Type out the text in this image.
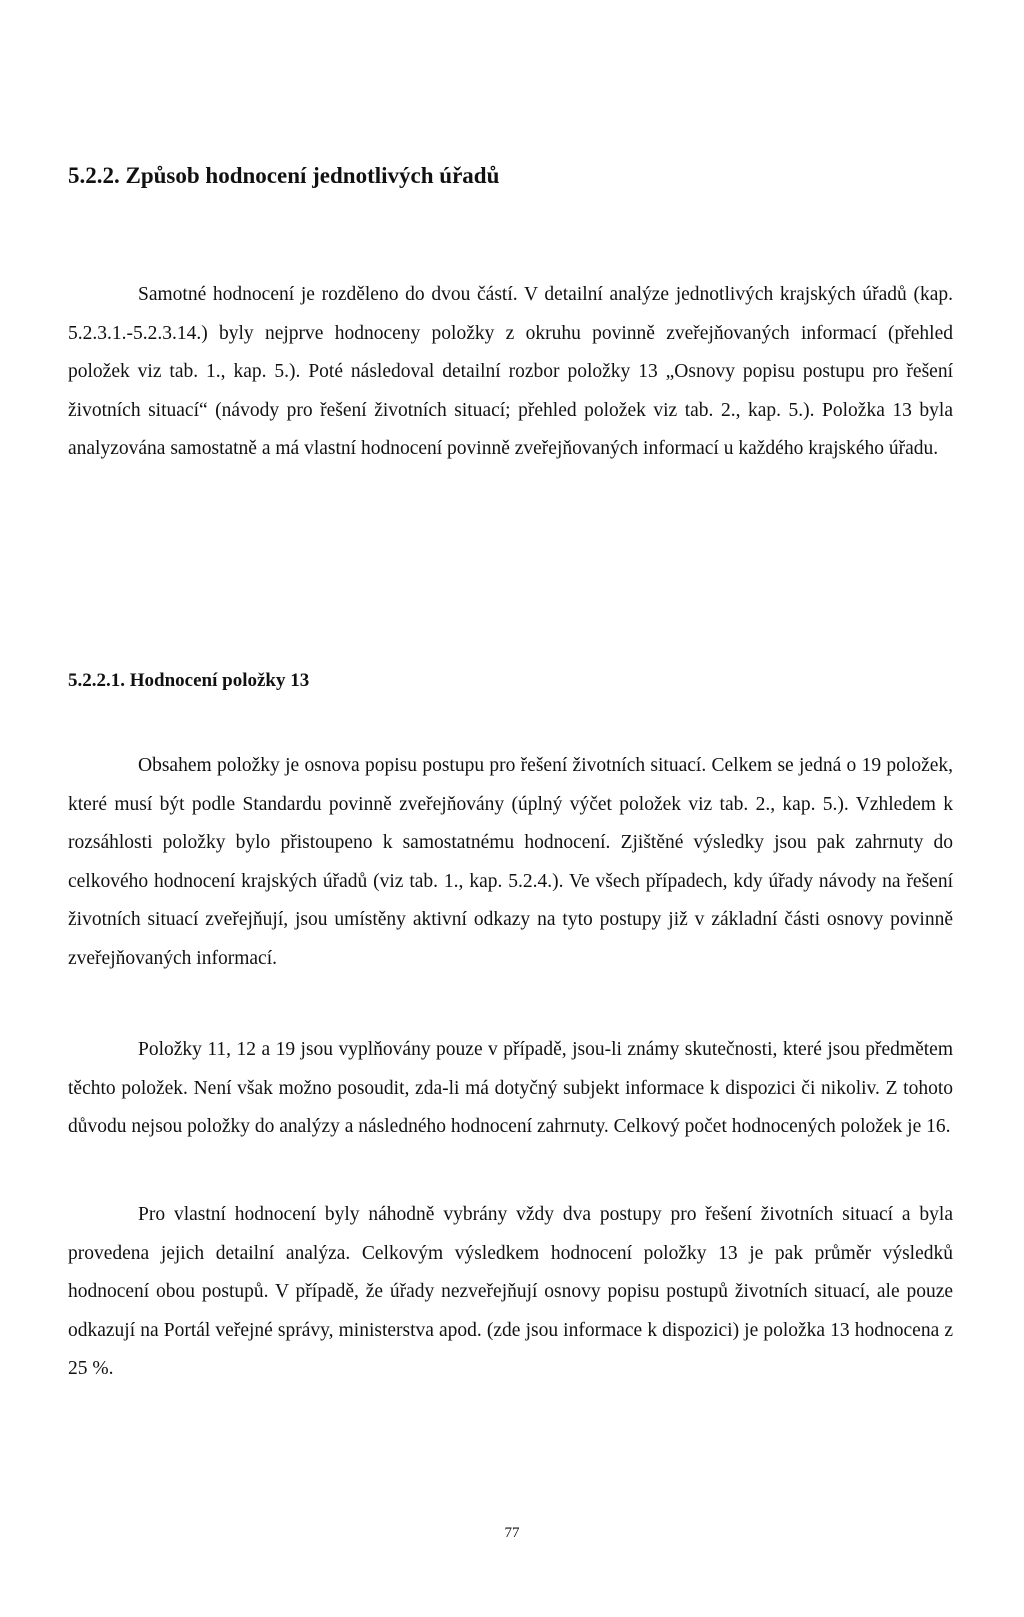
5.2.2. Způsob hodnocení jednotlivých úřadů

Samotné hodnocení je rozděleno do dvou částí. V detailní analýze jednotlivých krajských úřadů (kap. 5.2.3.1.-5.2.3.14.) byly nejprve hodnoceny položky z okruhu povinně zveřejňovaných informací (přehled položek viz tab. 1., kap. 5.). Poté následoval detailní rozbor položky 13 „Osnovy popisu postupu pro řešení životních situací“ (návody pro řešení životních situací; přehled položek viz tab. 2., kap. 5.). Položka 13 byla analyzována samostatně a má vlastní hodnocení povinně zveřejňovaných informací u každého krajského úřadu.

5.2.2.1. Hodnocení položky 13

Obsahem položky je osnova popisu postupu pro řešení životních situací. Celkem se jedná o 19 položek, které musí být podle Standardu povinně zveřejňovány (úplný výčet položek viz tab. 2., kap. 5.). Vzhledem k rozsáhlosti položky bylo přistoupeno k samostatnému hodnocení. Zjištěné výsledky jsou pak zahrnuty do celkového hodnocení krajských úřadů (viz tab. 1., kap. 5.2.4.). Ve všech případech, kdy úřady návody na řešení životních situací zveřejňují, jsou umístěny aktivní odkazy na tyto postupy již v základní části osnovy povinně zveřejňovaných informací.

Položky 11, 12 a 19 jsou vyplňovány pouze v případě, jsou-li známy skutečnosti, které jsou předmětem těchto položek. Není však možno posoudit, zda-li má dotyčný subjekt informace k dispozici či nikoliv. Z tohoto důvodu nejsou položky do analýzy a následného hodnocení zahrnuty. Celkový počet hodnocených položek je 16.

Pro vlastní hodnocení byly náhodně vybrány vždy dva postupy pro řešení životních situací a byla provedena jejich detailní analýza. Celkovým výsledkem hodnocení položky 13 je pak průměr výsledků hodnocení obou postupů. V případě, že úřady nezveřejňují osnovy popisu postupů životních situací, ale pouze odkazují na Portál veřejné správy, ministerstva apod. (zde jsou informace k dispozici) je položka 13 hodnocena z 25 %.

77
